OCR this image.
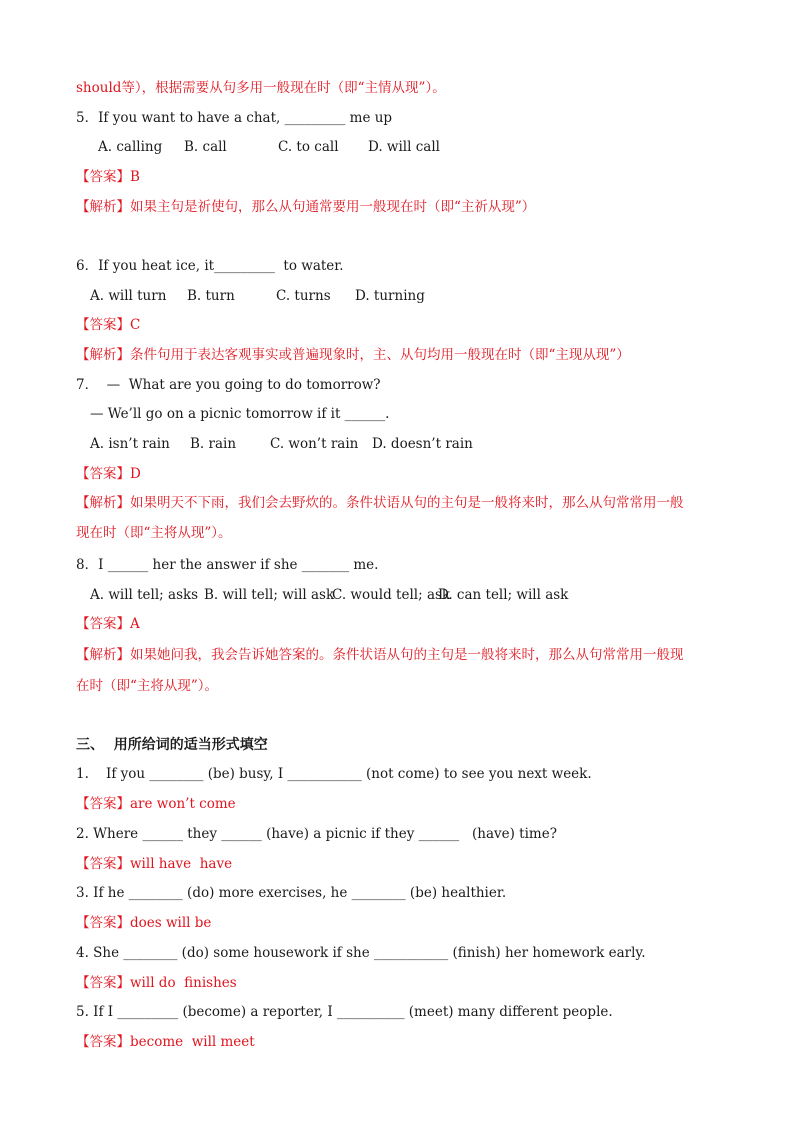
should等），根据需要从句多用一般现在时（即“主情从现”）。
5．If you want to have a chat, _________ me up

A. calling

B. call

	C. to call

D. will call

【答案】B
【解析】如果主句是祈使句，那么从句通常要用一般现在时（即“主祈从现”）
6．If you heat ice, it_________  to water.

A. will turn

B. turn

	C. turns

D. turning

【答案】C
【解析】条件句用于表达客观事实或普遍现象时，主、从句均用一般现在时（即“主现从现”）
7．  —  What are you going to do tomorrow?
— We’ll go on a picnic tomorrow if it ______.

A. isn’t rain

B. rain

	C. won’t rain

D. doesn’t rain

【答案】D
【解析】如果明天不下雨，我们会去野炊的。条件状语从句的主句是一般将来时，那么从句常常用一般
现在时（即“主将从现”）。
8．I ______ her the answer if she _______ me.

A. will tell; asks

B. will tell; will ask

C. would tell; ask

D. can tell; will ask

【答案】A
【解析】如果她问我，我会告诉她答案的。条件状语从句的主句是一般将来时，那么从句常常用一般现
在时（即“主将从现”）。
三、  用所给词的适当形式填空
1.    If you ________ (be) busy, I ___________ (not come) to see you next week.
【答案】are won’t come
2. Where ______ they ______ (have) a picnic if they ______   (have) time?
【答案】will have  have
3. If he ________ (do) more exercises, he ________ (be) healthier.
【答案】does will be
4. She ________ (do) some housework if she ___________ (finish) her homework early.
【答案】will do  finishes
5. If I _________ (become) a reporter, I __________ (meet) many different people.
【答案】become  will meet
